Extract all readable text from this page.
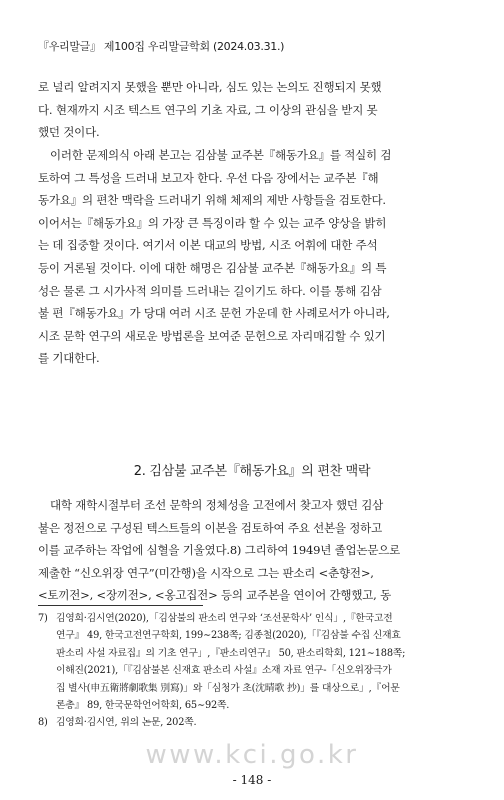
『우리말글』 제100집 우리말글학회 (2024.03.31.)
로 널리 알려지지 못했을 뿐만 아니라, 심도 있는 논의도 진행되지 못했
다. 현재까지 시조 텍스트 연구의 기초 자료, 그 이상의 관심을 받지 못
했던 것이다.
이러한 문제의식 아래 본고는 김삼불 교주본『해동가요』를 적실히 검
토하여 그 특성을 드러내 보고자 한다. 우선 다음 장에서는 교주본『해
동가요』의 편찬 맥락을 드러내기 위해 체제의 제반 사항들을 검토한다.
이어서는『해동가요』의 가장 큰 특징이라 할 수 있는 교주 양상을 밝히
는 데 집중할 것이다. 여기서 이본 대교의 방법, 시조 어휘에 대한 주석
등이 거론될 것이다. 이에 대한 해명은 김삼불 교주본『해동가요』의 특
성은 물론 그 시가사적 의미를 드러내는 길이기도 하다. 이를 통해 김삼
불 편『해동가요』가 당대 여러 시조 문헌 가운데 한 사례로서가 아니라,
시조 문학 연구의 새로운 방법론을 보여준 문헌으로 자리매김할 수 있기
를 기대한다.
2. 김삼불 교주본『해동가요』의 편찬 맥락
대학 재학시절부터 조선 문학의 정체성을 고전에서 찾고자 했던 김삼
불은 정전으로 구성된 텍스트들의 이본을 검토하여 주요 선본을 정하고
이를 교주하는 작업에 심혈을 기울였다.8) 그리하여 1949년 졸업논문으로
제출한 “신오위장 연구”(미간행)을 시작으로 그는 판소리 <춘향전>,
<토끼전>, <장끼전>, <옹고집전> 등의 교주본을 연이어 간행했고, 동
7) 김영희·김시연(2020),「김삼불의 판소리 연구와 ‘조선문학사’ 인식」,『한국고전
연구』 49, 한국고전연구학회, 199∼238쪽; 김종철(2020),「『김삼불 수집 신재효
판소리 사설 자료집』의 기초 연구」,『판소리연구』 50, 판소리학회, 121∼188쪽;
이해진(2021),「『김삼불본 신재효 판소리 사설』소재 자료 연구-「신오위장극가
집 별사(申五衛將劇歌集 別寫)」와「심청가 초(沈晴歌 抄)」를 대상으로」,『어문
론총』 89, 한국문학언어학회, 65∼92쪽.
8) 김영희·김시연, 위의 논문, 202쪽.
www.kci.go.kr
- 148 -
